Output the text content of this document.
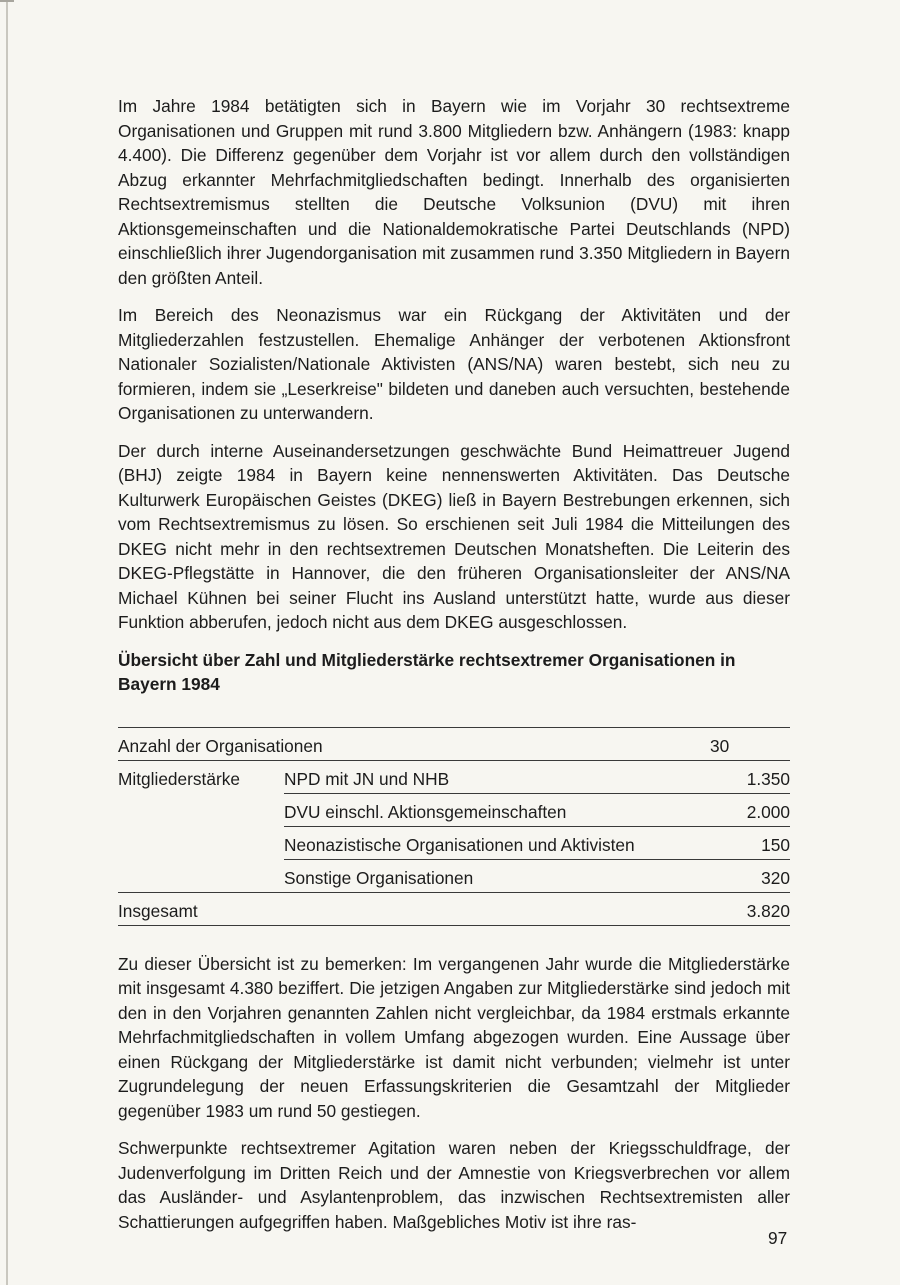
Im Jahre 1984 betätigten sich in Bayern wie im Vorjahr 30 rechtsextreme Organisationen und Gruppen mit rund 3.800 Mitgliedern bzw. Anhängern (1983: knapp 4.400). Die Differenz gegenüber dem Vorjahr ist vor allem durch den vollständigen Abzug erkannter Mehrfachmitgliedschaften bedingt. Innerhalb des organisierten Rechtsextremismus stellten die Deutsche Volksunion (DVU) mit ihren Aktionsgemeinschaften und die Nationaldemokratische Partei Deutschlands (NPD) einschließlich ihrer Jugendorganisation mit zusammen rund 3.350 Mitgliedern in Bayern den größten Anteil.

Im Bereich des Neonazismus war ein Rückgang der Aktivitäten und der Mitgliederzahlen festzustellen. Ehemalige Anhänger der verbotenen Aktionsfront Nationaler Sozialisten/Nationale Aktivisten (ANS/NA) waren bestebt, sich neu zu formieren, indem sie „Leserkreise" bildeten und daneben auch versuchten, bestehende Organisationen zu unterwandern.

Der durch interne Auseinandersetzungen geschwächte Bund Heimattreuer Jugend (BHJ) zeigte 1984 in Bayern keine nennenswerten Aktivitäten. Das Deutsche Kulturwerk Europäischen Geistes (DKEG) ließ in Bayern Bestrebungen erkennen, sich vom Rechtsextremismus zu lösen. So erschienen seit Juli 1984 die Mitteilungen des DKEG nicht mehr in den rechtsextremen Deutschen Monatsheften. Die Leiterin des DKEG-Pflegstätte in Hannover, die den früheren Organisationsleiter der ANS/NA Michael Kühnen bei seiner Flucht ins Ausland unterstützt hatte, wurde aus dieser Funktion abberufen, jedoch nicht aus dem DKEG ausgeschlossen.

Übersicht über Zahl und Mitgliederstärke rechtsextremer Organisationen in Bayern 1984
Anzahl der Organisationen		30
Mitgliederstärke	NPD mit JN und NHB	1.350
	DVU einschl. Aktionsgemeinschaften	2.000
	Neonazistische Organisationen und Aktivisten	150
	Sonstige Organisationen	320
Insgesamt		3.820

Zu dieser Übersicht ist zu bemerken: Im vergangenen Jahr wurde die Mitgliederstärke mit insgesamt 4.380 beziffert. Die jetzigen Angaben zur Mitgliederstärke sind jedoch mit den in den Vorjahren genannten Zahlen nicht vergleichbar, da 1984 erstmals erkannte Mehrfachmitgliedschaften in vollem Umfang abgezogen wurden. Eine Aussage über einen Rückgang der Mitgliederstärke ist damit nicht verbunden; vielmehr ist unter Zugrundelegung der neuen Erfassungskriterien die Gesamtzahl der Mitglieder gegenüber 1983 um rund 50 gestiegen.

Schwerpunkte rechtsextremer Agitation waren neben der Kriegsschuldfrage, der Judenverfolgung im Dritten Reich und der Amnestie von Kriegsverbrechen vor allem das Ausländer- und Asylantenproblem, das inzwischen Rechtsextremisten aller Schattierungen aufgegriffen haben. Maßgebliches Motiv ist ihre ras-

97
